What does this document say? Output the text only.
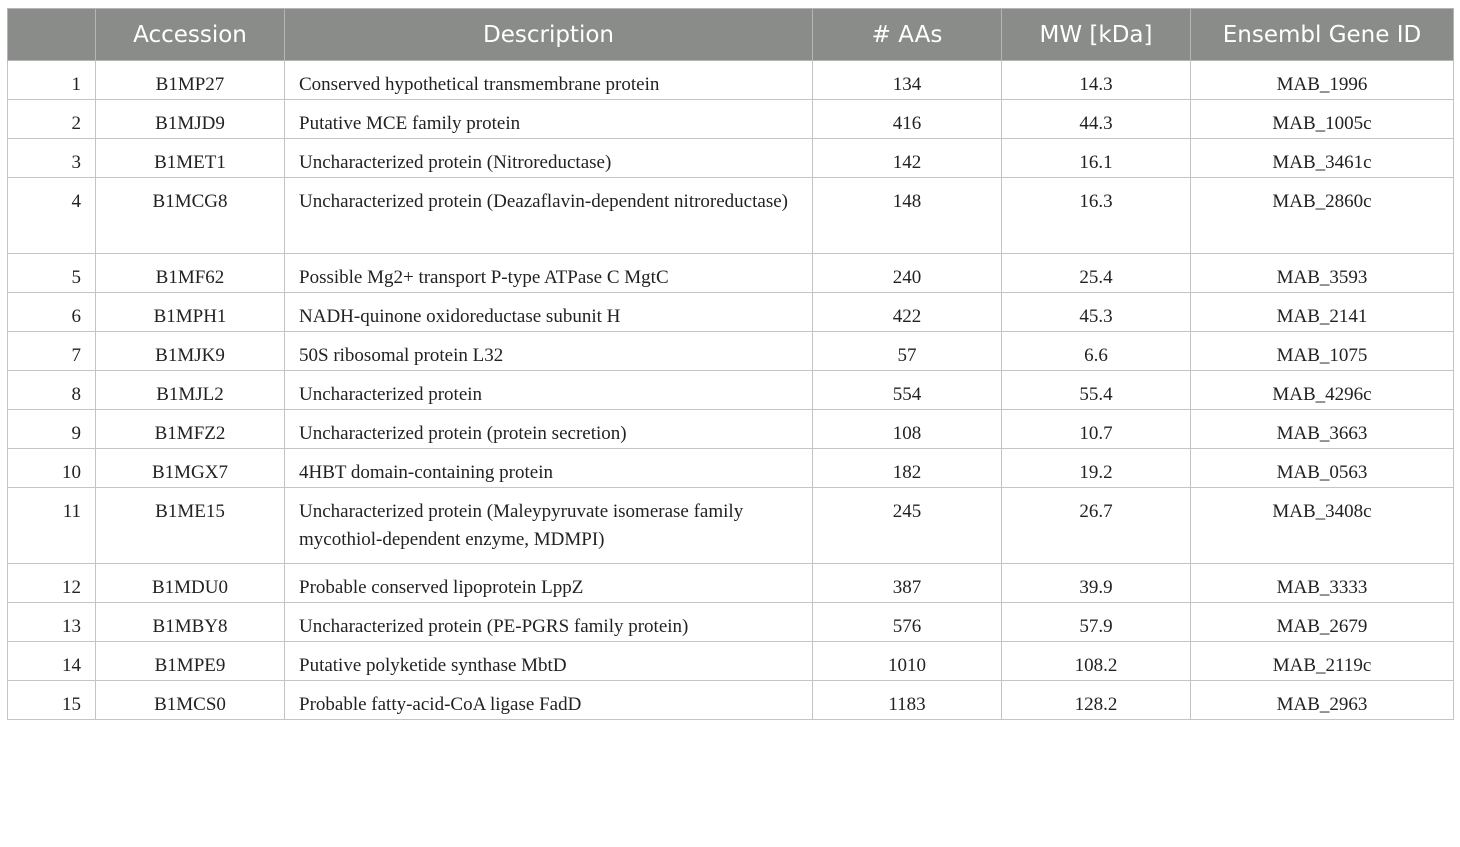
	Accession	Description	# AAs	MW [kDa]	Ensembl Gene ID
1	B1MP27	Conserved hypothetical transmembrane protein	134	14.3	MAB_1996
2	B1MJD9	Putative MCE family protein	416	44.3	MAB_1005c
3	B1MET1	Uncharacterized protein (Nitroreductase)	142	16.1	MAB_3461c
4	B1MCG8	Uncharacterized protein (Deazaflavin-dependent nitroreductase)	148	16.3	MAB_2860c
5	B1MF62	Possible Mg2+ transport P-type ATPase C MgtC	240	25.4	MAB_3593
6	B1MPH1	NADH-quinone oxidoreductase subunit H	422	45.3	MAB_2141
7	B1MJK9	50S ribosomal protein L32	57	6.6	MAB_1075
8	B1MJL2	Uncharacterized protein	554	55.4	MAB_4296c
9	B1MFZ2	Uncharacterized protein (protein secretion)	108	10.7	MAB_3663
10	B1MGX7	4HBT domain-containing protein	182	19.2	MAB_0563
11	B1ME15	Uncharacterized protein (Maleypyruvate isomerase family mycothiol-dependent enzyme, MDMPI)	245	26.7	MAB_3408c
12	B1MDU0	Probable conserved lipoprotein LppZ	387	39.9	MAB_3333
13	B1MBY8	Uncharacterized protein (PE-PGRS family protein)	576	57.9	MAB_2679
14	B1MPE9	Putative polyketide synthase MbtD	1010	108.2	MAB_2119c
15	B1MCS0	Probable fatty-acid-CoA ligase FadD	1183	128.2	MAB_2963
